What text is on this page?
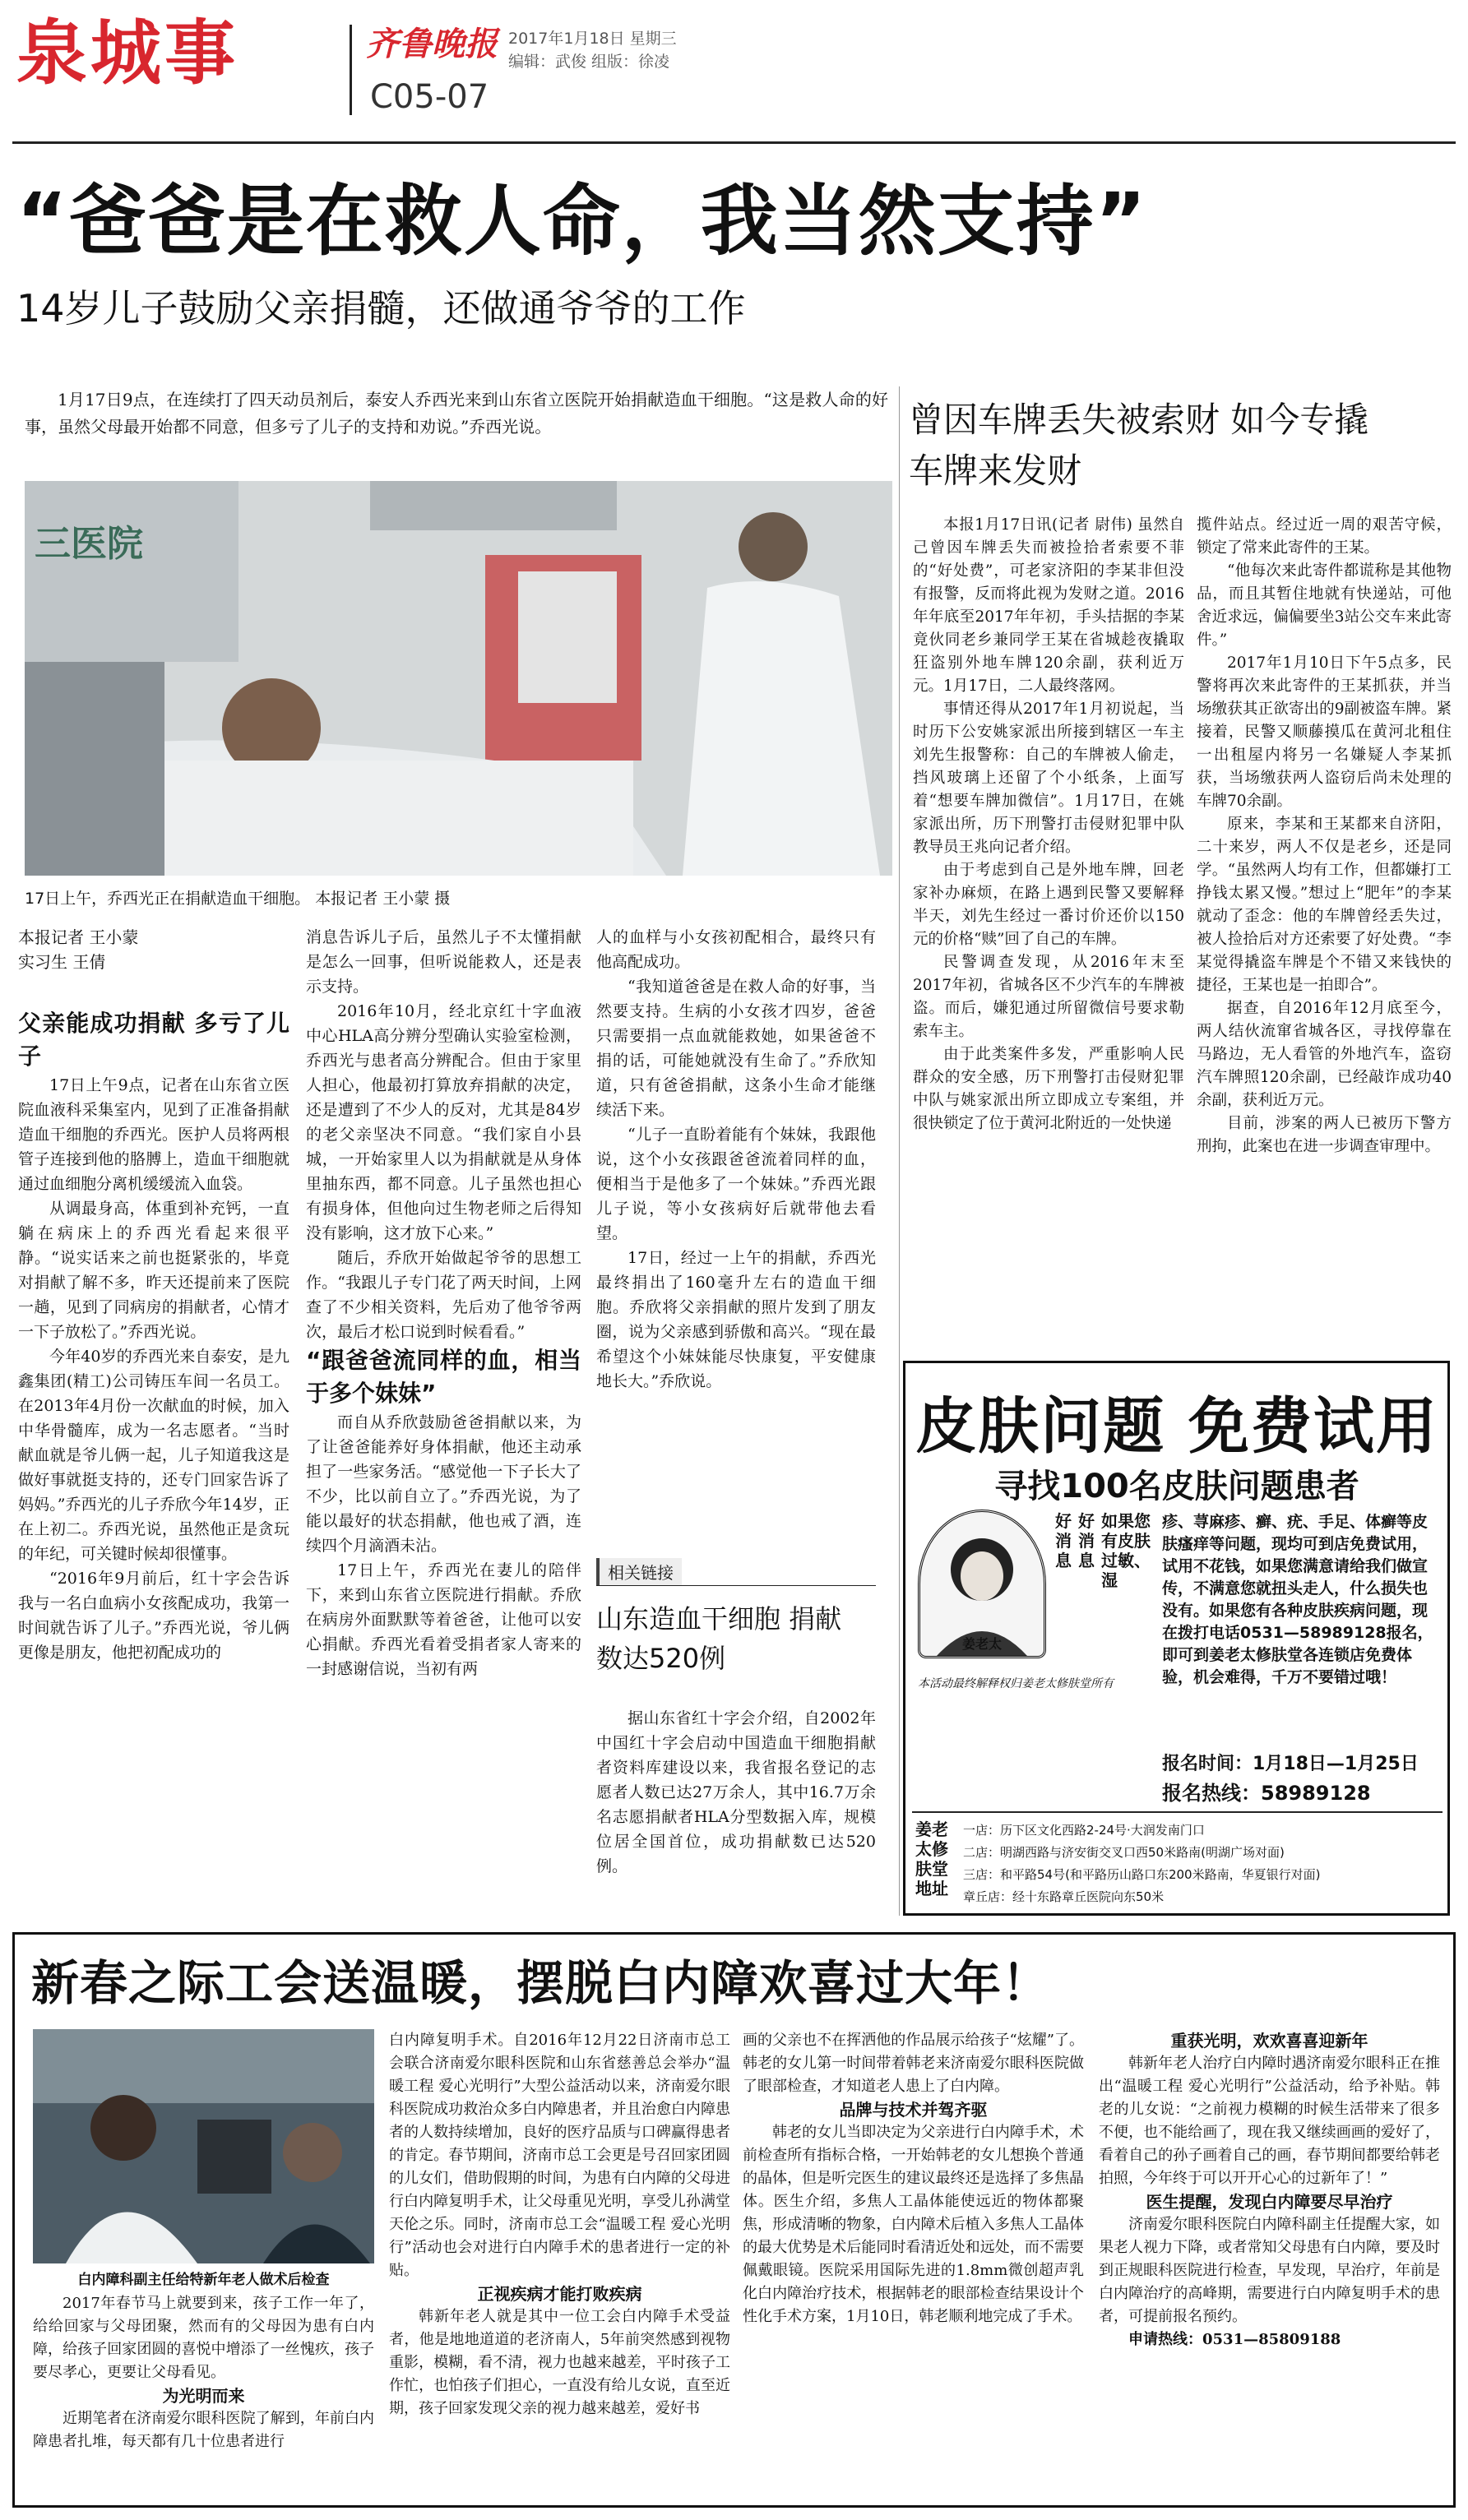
泉城事	齐鲁晚报 2017年1月18日 星期三
编辑：武俊 组版：徐凌
C05-07
“爸爸是在救人命，我当然支持”
14岁儿子鼓励父亲捐髓，还做通爷爷的工作

1月17日9点，在连续打了四天动员剂后，泰安人乔西光来到山东省立医院开始捐献造血干细胞。“这是救人命的好事，虽然父母最开始都不同意，但多亏了儿子的支持和劝说。”乔西光说。

三医院
17日上午，乔西光正在捐献造血干细胞。 本报记者 王小蒙 摄

本报记者 王小蒙

实习生 王倩

父亲能成功捐献 多亏了儿子

17日上午9点，记者在山东省立医院血液科采集室内，见到了正准备捐献造血干细胞的乔西光。医护人员将两根管子连接到他的胳膊上，造血干细胞就通过血细胞分离机缓缓流入血袋。

从调最身高，体重到补充钙，一直躺在病床上的乔西光看起来很平静。“说实话来之前也挺紧张的，毕竟对捐献了解不多，昨天还提前来了医院一趟，见到了同病房的捐献者，心情才一下子放松了。”乔西光说。

今年40岁的乔西光来自泰安，是九鑫集团(精工)公司铸压车间一名员工。在2013年4月份一次献血的时候，加入中华骨髓库，成为一名志愿者。“当时献血就是爷儿俩一起，儿子知道我这是做好事就挺支持的，还专门回家告诉了妈妈。”乔西光的儿子乔欣今年14岁，正在上初二。乔西光说，虽然他正是贪玩的年纪，可关键时候却很懂事。

“2016年9月前后，红十字会告诉我与一名白血病小女孩配成功，我第一时间就告诉了儿子。”乔西光说，爷儿俩更像是朋友，他把初配成功的

消息告诉儿子后，虽然儿子不太懂捐献是怎么一回事，但听说能救人，还是表示支持。

2016年10月，经北京红十字血液中心HLA高分辨分型确认实验室检测，乔西光与患者高分辨配合。但由于家里人担心，他最初打算放弃捐献的决定，还是遭到了不少人的反对，尤其是84岁的老父亲坚决不同意。“我们家自小县城，一开始家里人以为捐献就是从身体里抽东西，都不同意。儿子虽然也担心有损身体，但他向过生物老师之后得知没有影响，这才放下心来。”

随后，乔欣开始做起爷爷的思想工作。“我跟儿子专门花了两天时间，上网查了不少相关资料，先后劝了他爷爷两次，最后才松口说到时候看看。”

“跟爸爸流同样的血，相当于多个妹妹”

而自从乔欣鼓励爸爸捐献以来，为了让爸爸能养好身体捐献，他还主动承担了一些家务活。“感觉他一下子长大了不少，比以前自立了。”乔西光说，为了能以最好的状态捐献，他也戒了酒，连续四个月滴酒未沾。

17日上午，乔西光在妻儿的陪伴下，来到山东省立医院进行捐献。乔欣在病房外面默默等着爸爸，让他可以安心捐献。乔西光看着受捐者家人寄来的一封感谢信说，当初有两

人的血样与小女孩初配相合，最终只有他高配成功。

“我知道爸爸是在救人命的好事，当然要支持。生病的小女孩才四岁，爸爸只需要捐一点血就能救她，如果爸爸不捐的话，可能她就没有生命了。”乔欣知道，只有爸爸捐献，这条小生命才能继续活下来。

“儿子一直盼着能有个妹妹，我跟他说，这个小女孩跟爸爸流着同样的血，便相当于是他多了一个妹妹。”乔西光跟儿子说，等小女孩病好后就带他去看望。

17日，经过一上午的捐献，乔西光最终捐出了160毫升左右的造血干细胞。乔欣将父亲捐献的照片发到了朋友圈，说为父亲感到骄傲和高兴。“现在最希望这个小妹妹能尽快康复，平安健康地长大。”乔欣说。

相关链接
山东造血干细胞 捐献数达520例

据山东省红十字会介绍，自2002年中国红十字会启动中国造血干细胞捐献者资料库建设以来，我省报名登记的志愿者人数已达27万余人，其中16.7万余名志愿捐献者HLA分型数据入库，规模位居全国首位，成功捐献数已达520例。

曾因车牌丢失被索财 如今专撬车牌来发财

本报1月17日讯(记者 尉伟) 虽然自己曾因车牌丢失而被捡拾者索要不菲的“好处费”，可老家济阳的李某非但没有报警，反而将此视为发财之道。2016年年底至2017年年初，手头拮据的李某竟伙同老乡兼同学王某在省城趁夜撬取狂盗别外地车牌120余副，获利近万元。1月17日，二人最终落网。

事情还得从2017年1月初说起，当时历下公安姚家派出所接到辖区一车主刘先生报警称：自己的车牌被人偷走，挡风玻璃上还留了个小纸条，上面写着“想要车牌加微信”。1月17日，在姚家派出所，历下刑警打击侵财犯罪中队教导员王兆向记者介绍。

由于考虑到自己是外地车牌，回老家补办麻烦，在路上遇到民警又要解释半天，刘先生经过一番讨价还价以150元的价格“赎”回了自己的车牌。

民警调查发现，从2016年末至2017年初，省城各区不少汽车的车牌被盗。而后，嫌犯通过所留微信号要求勒索车主。

由于此类案件多发，严重影响人民群众的安全感，历下刑警打击侵财犯罪中队与姚家派出所立即成立专案组，并很快锁定了位于黄河北附近的一处快递

揽件站点。经过近一周的艰苦守候，锁定了常来此寄件的王某。

“他每次来此寄件都谎称是其他物品，而且其暂住地就有快递站，可他舍近求远，偏偏要坐3站公交车来此寄件。”

2017年1月10日下午5点多，民警将再次来此寄件的王某抓获，并当场缴获其正欲寄出的9副被盗车牌。紧接着，民警又顺藤摸瓜在黄河北租住一出租屋内将另一名嫌疑人李某抓获，当场缴获两人盗窃后尚未处理的车牌70余副。

原来，李某和王某都来自济阳，二十来岁，两人不仅是老乡，还是同学。“虽然两人均有工作，但都嫌打工挣钱太累又慢。”想过上“肥年”的李某就动了歪念：他的车牌曾经丢失过，被人捡拾后对方还索要了好处费。“李某觉得撬盗车牌是个不错又来钱快的捷径，王某也是一拍即合”。

据查，自2016年12月底至今，两人结伙流窜省城各区，寻找停靠在马路边，无人看管的外地汽车，盗窃汽车牌照120余副，已经敲诈成功40余副，获利近万元。

目前，涉案的两人已被历下警方刑拘，此案也在进一步调查审理中。

皮肤问题 免费试用
寻找100名皮肤问题患者
姜老太
好消息
好消息
如果您有皮肤过敏、湿
疹、荨麻疹、癣、疣、手足、体癣等皮肤瘙痒等问题，现均可到店免费试用，试用不花钱，如果您满意请给我们做宣传，不满意您就扭头走人，什么损失也没有。如果您有各种皮肤疾病问题，现在拨打电话0531—58989128报名，即可到姜老太修肤堂各连锁店免费体验，机会难得，千万不要错过哦！
本活动最终解释权归姜老太修肤堂所有
报名时间：1月18日—1月25日
报名热线：58989128
姜老太修肤堂地址
一店：历下区文化西路2-24号·大润发南门口
二店：明湖西路与济安街交叉口西50米路南(明湖广场对面)
三店：和平路54号(和平路历山路口东200米路南，华夏银行对面)
章丘店：经十东路章丘医院向东50米
新春之际工会送温暖，摆脱白内障欢喜过大年！
白内障科副主任给特新年老人做术后检查

2017年春节马上就要到来，孩子工作一年了，给给回家与父母团聚，然而有的父母因为患有白内障，给孩子回家团圆的喜悦中增添了一丝愧疚，孩子要尽孝心，更要让父母看见。

为光明而来

近期笔者在济南爱尔眼科医院了解到，年前白内障患者扎堆，每天都有几十位患者进行

白内障复明手术。自2016年12月22日济南市总工会联合济南爱尔眼科医院和山东省慈善总会举办“温暖工程 爱心光明行”大型公益活动以来，济南爱尔眼科医院成功救治众多白内障患者，并且治愈白内障患者的人数持续增加，良好的医疗品质与口碑赢得患者的肯定。春节期间，济南市总工会更是号召回家团圆的儿女们，借助假期的时间，为患有白内障的父母进行白内障复明手术，让父母重见光明，享受儿孙满堂天伦之乐。同时，济南市总工会“温暖工程 爱心光明行”活动也会对进行白内障手术的患者进行一定的补贴。

正视疾病才能打败疾病

韩新年老人就是其中一位工会白内障手术受益者，他是地地道道的老济南人，5年前突然感到视物重影，模糊，看不清，视力也越来越差，平时孩子工作忙，也怕孩子们担心，一直没有给儿女说，直至近期，孩子回家发现父亲的视力越来越差，爱好书

画的父亲也不在挥洒他的作品展示给孩子“炫耀”了。韩老的女儿第一时间带着韩老来济南爱尔眼科医院做了眼部检查，才知道老人患上了白内障。

品牌与技术并驾齐驱

韩老的女儿当即决定为父亲进行白内障手术，术前检查所有指标合格，一开始韩老的女儿想换个普通的晶体，但是听完医生的建议最终还是选择了多焦晶体。医生介绍，多焦人工晶体能使远近的物体都聚焦，形成清晰的物象，白内障术后植入多焦人工晶体的最大优势是术后能同时看清近处和远处，而不需要佩戴眼镜。医院采用国际先进的1.8mm微创超声乳化白内障治疗技术，根据韩老的眼部检查结果设计个性化手术方案，1月10日，韩老顺利地完成了手术。

重获光明，欢欢喜喜迎新年

韩新年老人治疗白内障时遇济南爱尔眼科正在推出“温暖工程 爱心光明行”公益活动，给予补贴。韩老的儿女说：“之前视力模糊的时候生活带来了很多不便，也不能给画了，现在我又继续画画的爱好了，看着自己的孙子画着自己的画，春节期间都要给韩老拍照，今年终于可以开开心心的过新年了！”

医生提醒，发现白内障要尽早治疗

济南爱尔眼科医院白内障科副主任提醒大家，如果老人视力下降，或者常知父母患有白内障，要及时到正规眼科医院进行检查，早发现，早治疗，年前是白内障治疗的高峰期，需要进行白内障复明手术的患者，可提前报名预约。

申请热线：0531—85809188
